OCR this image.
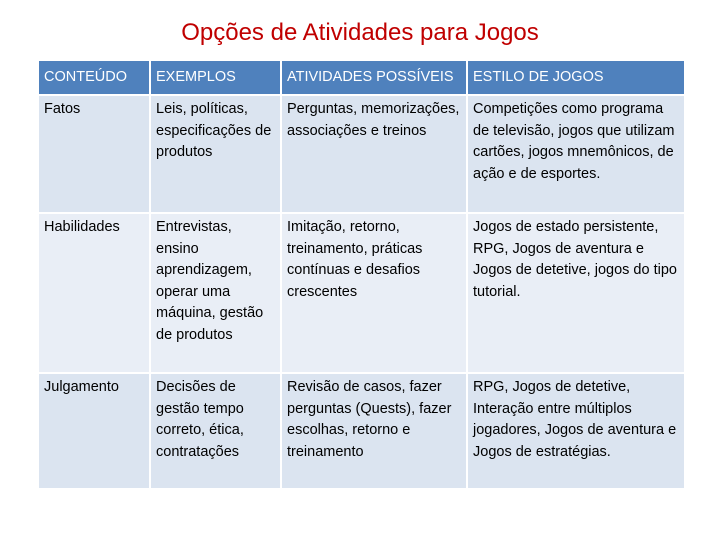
Opções de Atividades para Jogos
CONTEÚDO	EXEMPLOS	ATIVIDADES POSSÍVEIS	ESTILO DE JOGOS
Fatos	Leis, políticas, especificações de produtos	Perguntas, memorizações, associações e treinos	Competições como programa de televisão, jogos que utilizam cartões, jogos mnemônicos, de ação e de esportes.
Habilidades	Entrevistas, ensino aprendizagem, operar uma máquina, gestão de produtos	Imitação, retorno, treinamento, práticas contínuas e desafios crescentes	Jogos de estado persistente, RPG, Jogos de aventura e Jogos de detetive, jogos do tipo tutorial.
Julgamento	Decisões de gestão tempo correto, ética, contratações	Revisão de casos, fazer perguntas (Quests), fazer escolhas, retorno e treinamento	RPG, Jogos de detetive, Interação entre múltiplos jogadores, Jogos de aventura e Jogos de estratégias.
